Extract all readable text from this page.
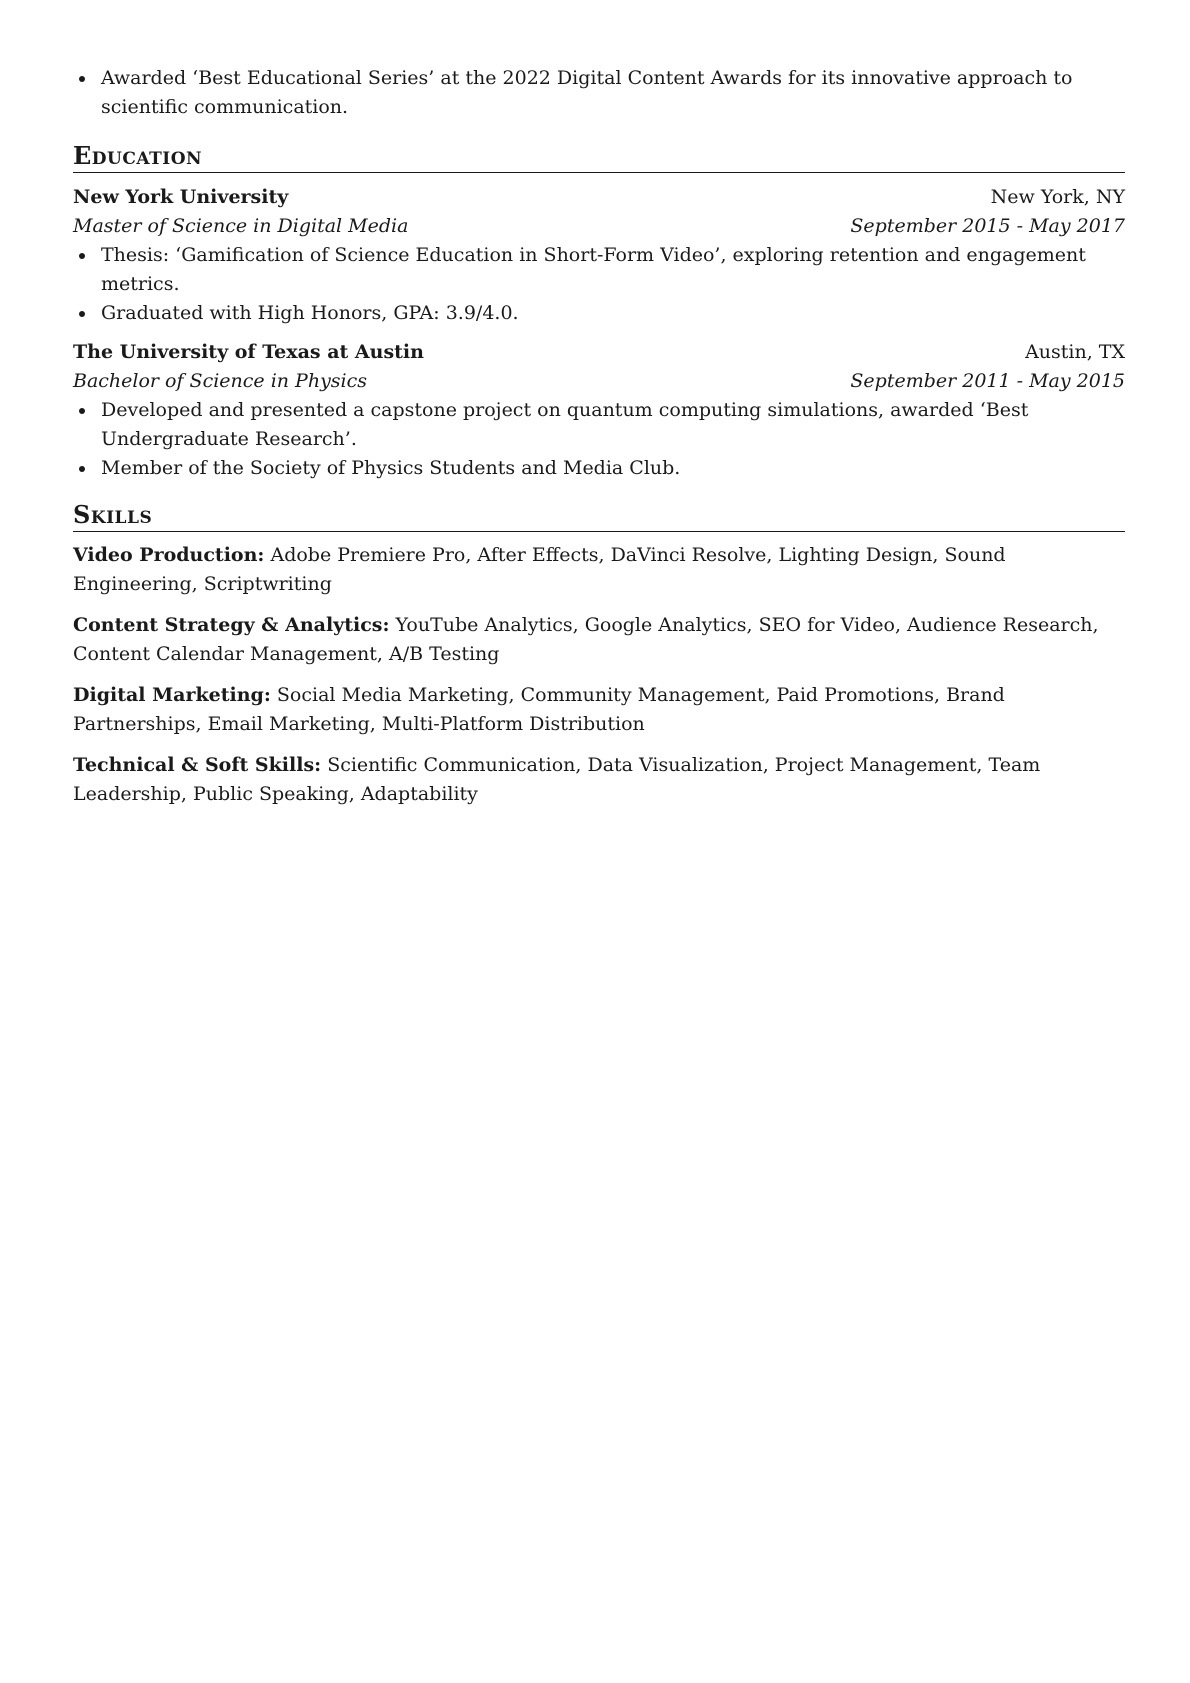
Awarded ‘Best Educational Series’ at the 2022 Digital Content Awards for its innovative approach to scientific communication.
Education
New York University	New York, NY
Master of Science in Digital Media	September 2015 - May 2017
Thesis: ‘Gamification of Science Education in Short-Form Video’, exploring retention and engagement metrics.
Graduated with High Honors, GPA: 3.9/4.0.
The University of Texas at Austin	Austin, TX
Bachelor of Science in Physics	September 2011 - May 2015
Developed and presented a capstone project on quantum computing simulations, awarded ‘Best Undergraduate Research’.
Member of the Society of Physics Students and Media Club.
Skills

Video Production: Adobe Premiere Pro, After Effects, DaVinci Resolve, Lighting Design, Sound Engineering, Scriptwriting

Content Strategy & Analytics: YouTube Analytics, Google Analytics, SEO for Video, Audience Research, Content Calendar Management, A/B Testing

Digital Marketing: Social Media Marketing, Community Management, Paid Promotions, Brand Partnerships, Email Marketing, Multi-Platform Distribution

Technical & Soft Skills: Scientific Communication, Data Visualization, Project Management, Team Leadership, Public Speaking, Adaptability
